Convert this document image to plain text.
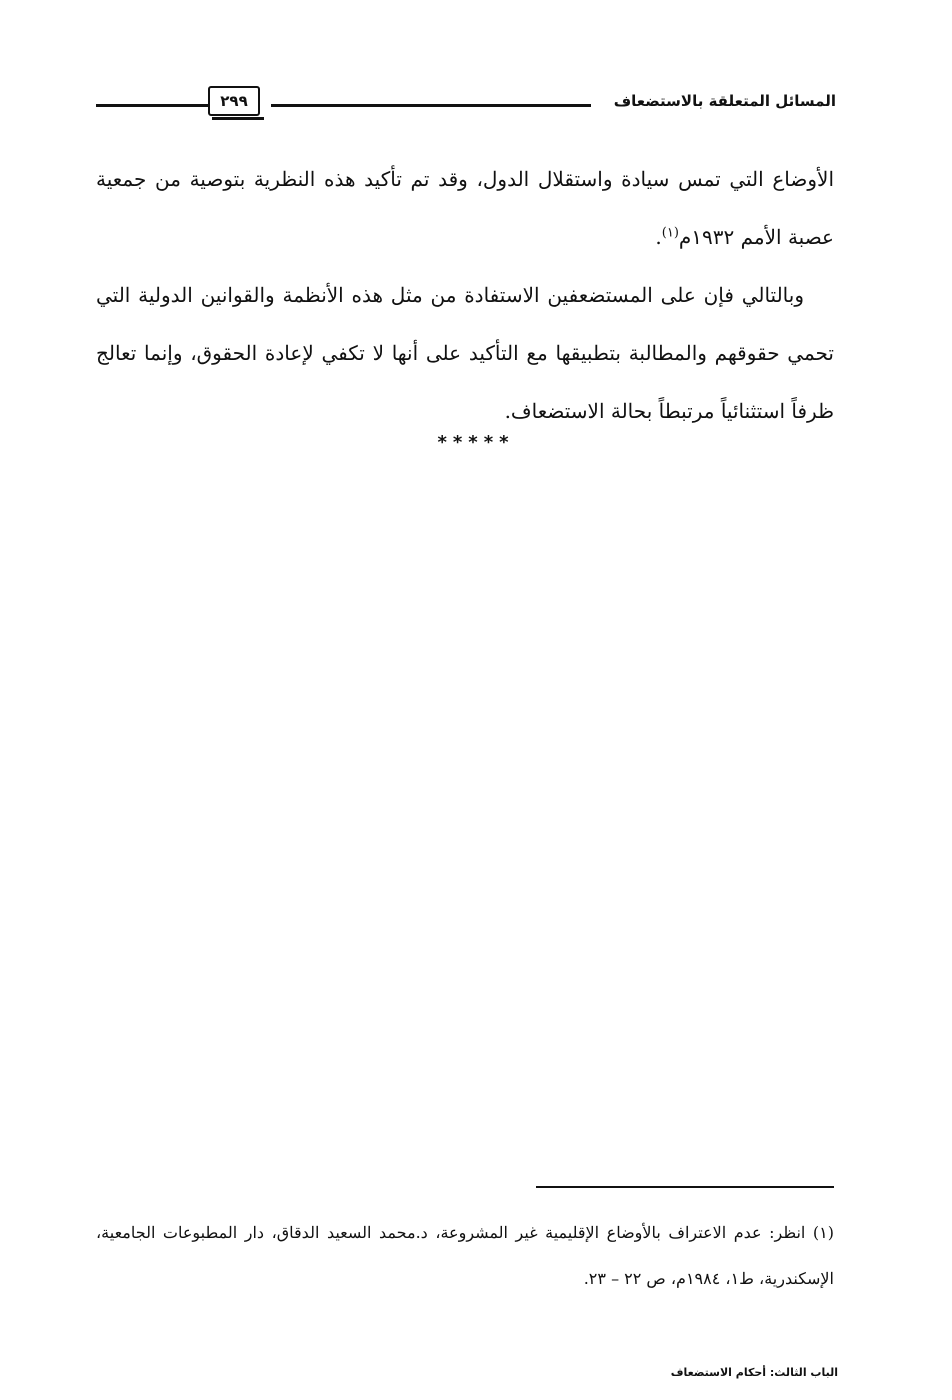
المسائل المتعلقة بالاستضعاف
٢٩٩

الأوضاع التي تمس سيادة واستقلال الدول، وقد تم تأكيد هذه النظرية بتوصية من جمعية عصبة الأمم ١٩٣٢م$^{(١)}$.

وبالتالي فإن على المستضعفين الاستفادة من مثل هذه الأنظمة والقوانين الدولية التي تحمي حقوقهم والمطالبة بتطبيقها مع التأكيد على أنها لا تكفي لإعادة الحقوق، وإنما تعالج ظرفاً استثنائياً مرتبطاً بحالة الاستضعاف.

*****

(١) انظر: عدم الاعتراف بالأوضاع الإقليمية غير المشروعة، د.محمد السعيد الدقاق، دار المطبوعات الجامعية، الإسكندرية، ط١، ١٩٨٤م، ص ٢٢ – ٢٣.

الباب الثالث: أحكام الاستضعاف
